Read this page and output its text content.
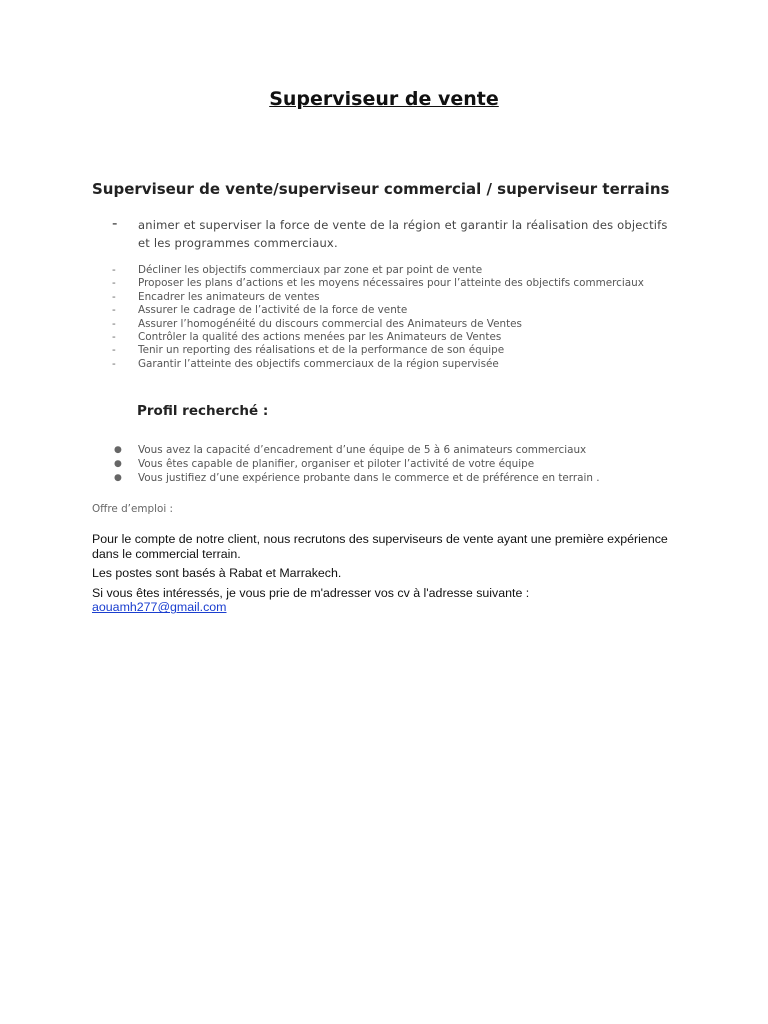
Superviseur de vente
Superviseur de vente/superviseur commercial / superviseur terrains
- animer et superviser la force de vente de la région et garantir la réalisation des objectifs et les programmes commerciaux.
- Décliner les objectifs commerciaux par zone et par point de vente
- Proposer les plans d’actions et les moyens nécessaires pour l’atteinte des objectifs commerciaux
- Encadrer les animateurs de ventes
- Assurer le cadrage de l’activité de la force de vente
- Assurer l’homogénéité du discours commercial des Animateurs de Ventes
- Contrôler la qualité des actions menées par les Animateurs de Ventes
- Tenir un reporting des réalisations et de la performance de son équipe
- Garantir l’atteinte des objectifs commerciaux de la région supervisée
Profil recherché :
● Vous avez la capacité d’encadrement d’une équipe de 5 à 6 animateurs commerciaux
● Vous êtes capable de planifier, organiser et piloter l’activité de votre équipe
● Vous justifiez d’une expérience probante dans le commerce et de préférence en terrain .

Offre d’emploi :

Pour le compte de notre client, nous recrutons des superviseurs de vente ayant une première expérience dans le commercial terrain.

Les postes sont basés à Rabat et Marrakech.

Si vous êtes intéressés, je vous prie de m'adresser vos cv à l'adresse suivante :
aouamh277@gmail.com
